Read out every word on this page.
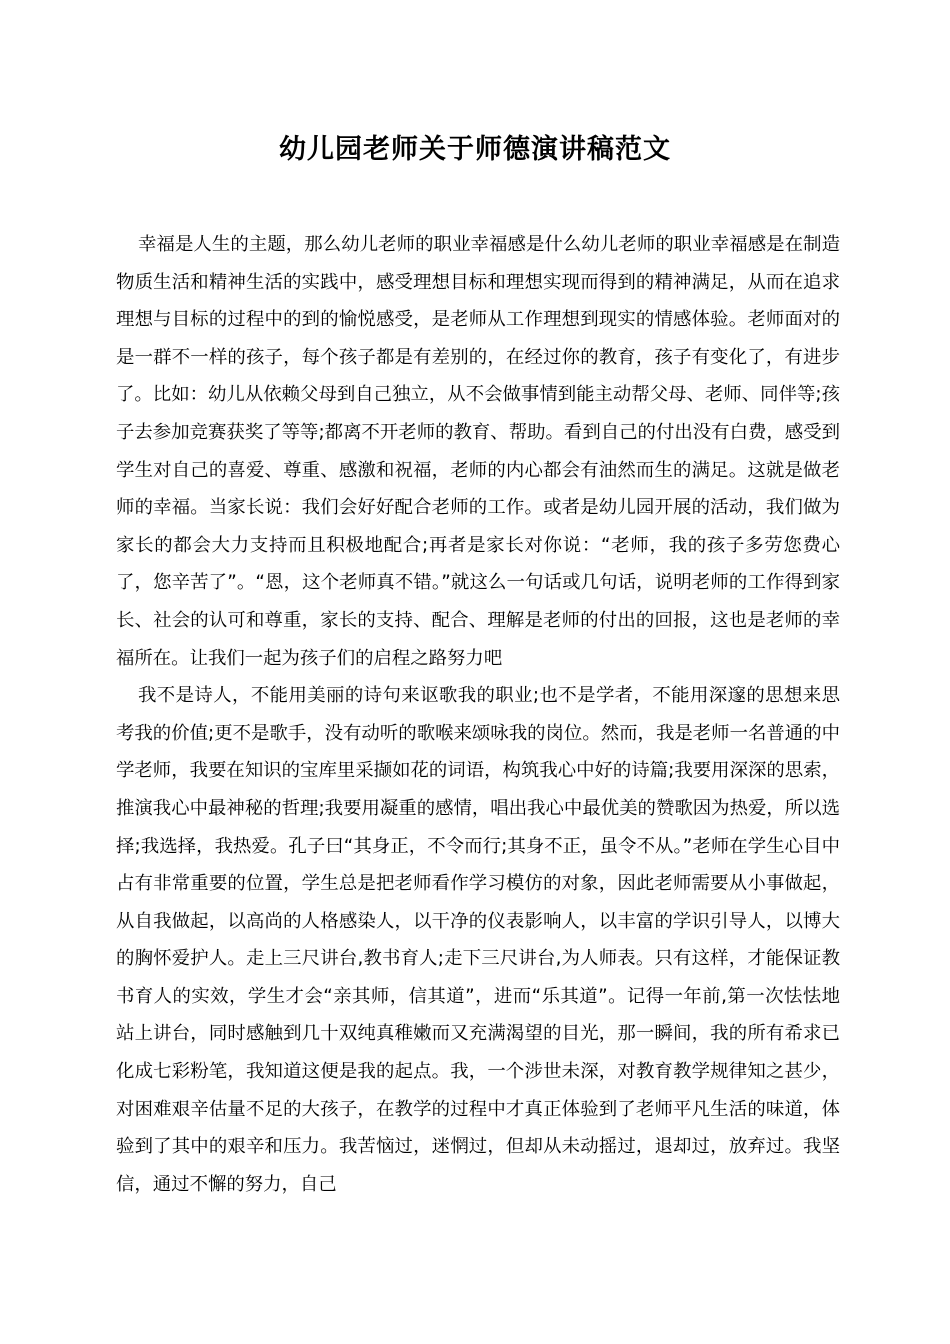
幼儿园老师关于师德演讲稿范文

幸福是人生的主题，那么幼儿老师的职业幸福感是什么幼儿老师的职业幸福感是在制造物质生活和精神生活的实践中，感受理想目标和理想实现而得到的精神满足，从而在追求理想与目标的过程中的到的愉悦感受，是老师从工作理想到现实的情感体验。老师面对的是一群不一样的孩子，每个孩子都是有差别的，在经过你的教育，孩子有变化了，有进步了。比如：幼儿从依赖父母到自己独立，从不会做事情到能主动帮父母、老师、同伴等;孩子去参加竞赛获奖了等等;都离不开老师的教育、帮助。看到自己的付出没有白费，感受到学生对自己的喜爱、尊重、感激和祝福，老师的内心都会有油然而生的满足。这就是做老师的幸福。当家长说：我们会好好配合老师的工作。或者是幼儿园开展的活动，我们做为家长的都会大力支持而且积极地配合;再者是家长对你说：“老师，我的孩子多劳您费心了，您辛苦了”。“恩，这个老师真不错。”就这么一句话或几句话，说明老师的工作得到家长、社会的认可和尊重，家长的支持、配合、理解是老师的付出的回报，这也是老师的幸福所在。让我们一起为孩子们的启程之路努力吧

我不是诗人，不能用美丽的诗句来讴歌我的职业;也不是学者，不能用深邃的思想来思考我的价值;更不是歌手，没有动听的歌喉来颂咏我的岗位。然而，我是老师一名普通的中学老师，我要在知识的宝库里采撷如花的词语，构筑我心中好的诗篇;我要用深深的思索，推演我心中最神秘的哲理;我要用凝重的感情，唱出我心中最优美的赞歌因为热爱，所以选择;我选择，我热爱。孔子曰“其身正，不令而行;其身不正，虽令不从。”老师在学生心目中占有非常重要的位置，学生总是把老师看作学习模仿的对象，因此老师需要从小事做起，从自我做起，以高尚的人格感染人，以干净的仪表影响人，以丰富的学识引导人，以博大的胸怀爱护人。走上三尺讲台,教书育人;走下三尺讲台,为人师表。只有这样，才能保证教书育人的实效，学生才会“亲其师，信其道”，进而“乐其道”。记得一年前,第一次怯怯地站上讲台，同时感触到几十双纯真稚嫩而又充满渴望的目光，那一瞬间，我的所有希求已化成七彩粉笔，我知道这便是我的起点。我，一个涉世未深，对教育教学规律知之甚少，对困难艰辛估量不足的大孩子，在教学的过程中才真正体验到了老师平凡生活的味道，体验到了其中的艰辛和压力。我苦恼过，迷惘过，但却从未动摇过，退却过，放弃过。我坚信，通过不懈的努力，自己
